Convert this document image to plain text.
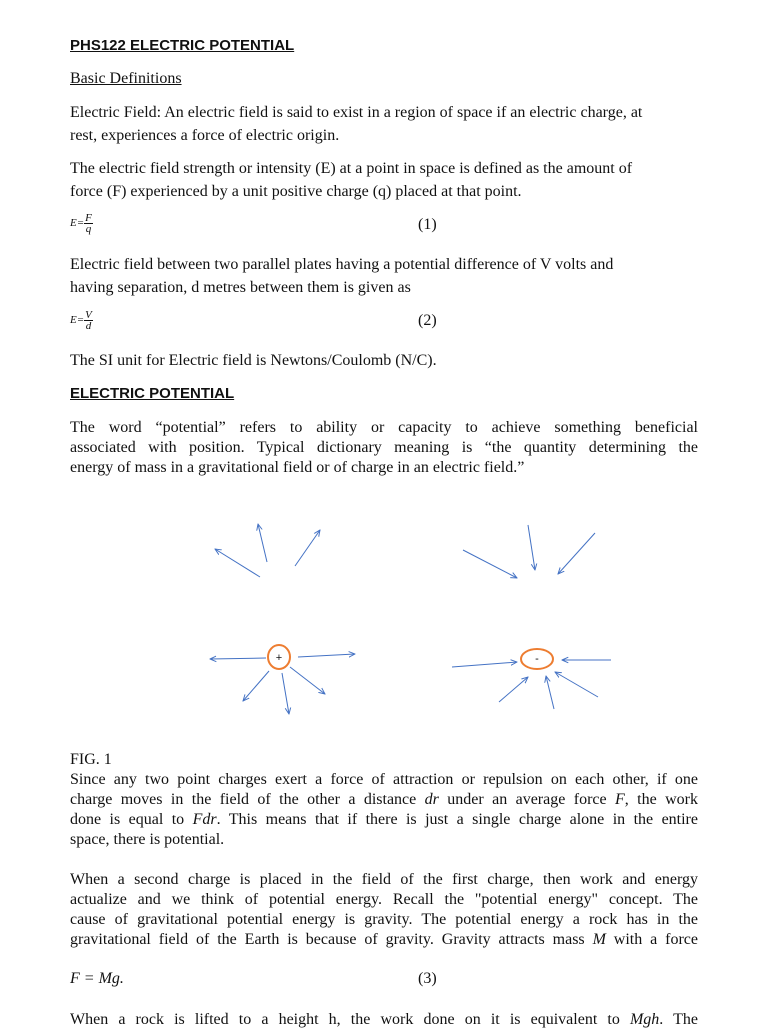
PHS122 ELECTRIC POTENTIAL

Basic Definitions

Electric Field: An electric field is said to exist in a region of space if an electric charge, at

rest, experiences a force of electric origin.

The electric field strength or intensity (E) at a point in space is defined as the amount of

force (F) experienced by a unit positive charge (q) placed at that point.

$E= \frac{F}{q}$	(1)

Electric field between two parallel plates having a potential difference of V volts and

having separation, d metres between them is given as

$E= \frac{V}{d}$	(2)

The SI unit for Electric field is Newtons/Coulomb (N/C).

ELECTRIC POTENTIAL

The word “potential” refers to ability or capacity to achieve something beneficial

associated with position. Typical dictionary meaning is “the quantity determining the

energy of mass in a gravitational field or of charge in an electric field.”

+	-

FIG. 1

Since any two point charges exert a force of attraction or repulsion on each other, if one

charge moves in the field of the other a distance dr under an average force F, the work

done is equal to Fdr. This means that if there is just a single charge alone in the entire

space, there is potential.

When a second charge is placed in the field of the first charge, then work and energy

actualize and we think of potential energy. Recall the "potential energy" concept. The

cause of gravitational potential energy is gravity. The potential energy a rock has in the

gravitational field of the Earth is because of gravity. Gravity attracts mass M with a force

F = Mg.	(3)

When a rock is lifted to a height h, the work done on it is equivalent to Mgh. The
